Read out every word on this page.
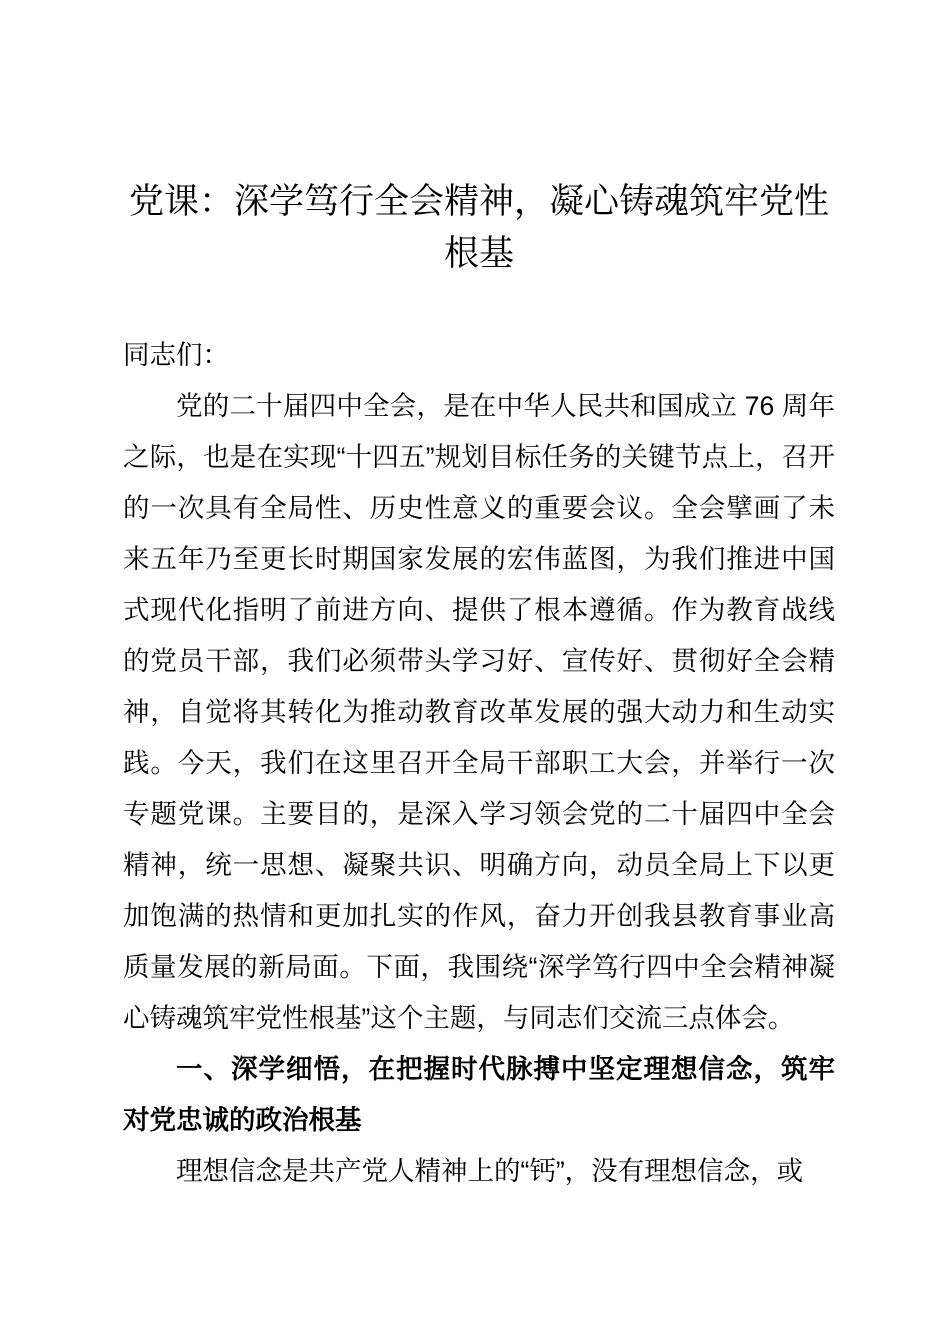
党课：深学笃行全会精神，凝心铸魂筑牢党性根基

同志们：

党的二十届四中全会，是在中华人民共和国成立 76 周年之际，也是在实现“十四五”规划目标任务的关键节点上，召开的一次具有全局性、历史性意义的重要会议。全会擘画了未来五年乃至更长时期国家发展的宏伟蓝图，为我们推进中国式现代化指明了前进方向、提供了根本遵循。作为教育战线的党员干部，我们必须带头学习好、宣传好、贯彻好全会精神，自觉将其转化为推动教育改革发展的强大动力和生动实践。今天，我们在这里召开全局干部职工大会，并举行一次专题党课。主要目的，是深入学习领会党的二十届四中全会精神，统一思想、凝聚共识、明确方向，动员全局上下以更加饱满的热情和更加扎实的作风，奋力开创我县教育事业高质量发展的新局面。下面，我围绕“深学笃行四中全会精神凝心铸魂筑牢党性根基”这个主题，与同志们交流三点体会。

一、深学细悟，在把握时代脉搏中坚定理想信念，筑牢对党忠诚的政治根基

理想信念是共产党人精神上的“钙”，没有理想信念，或
